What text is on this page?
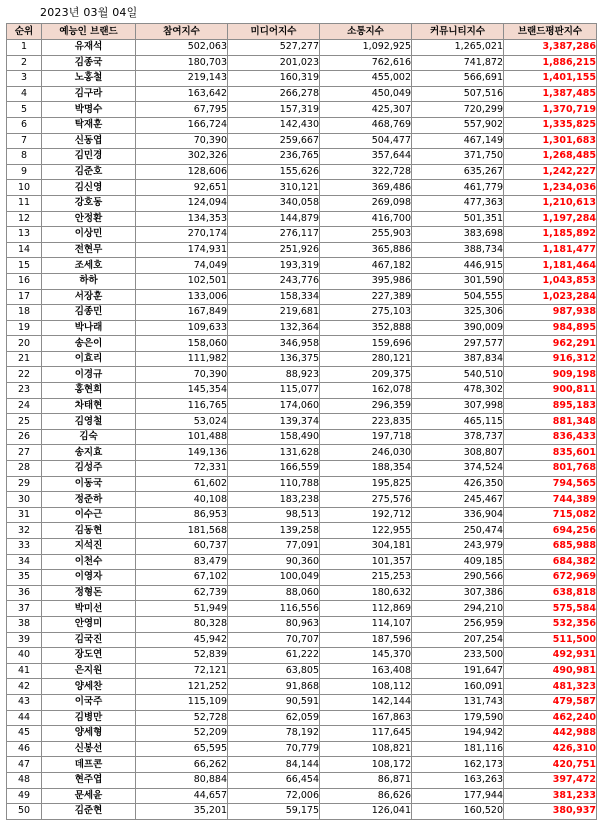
2023년 03월 04일
순위	예능인 브랜드	참여지수	미디어지수	소통지수	커뮤니티지수	브랜드평판지수
1	유재석	502,063	527,277	1,092,925	1,265,021	3,387,286
2	김종국	180,703	201,023	762,616	741,872	1,886,215
3	노홍철	219,143	160,319	455,002	566,691	1,401,155
4	김구라	163,642	266,278	450,049	507,516	1,387,485
5	박명수	67,795	157,319	425,307	720,299	1,370,719
6	탁재훈	166,724	142,430	468,769	557,902	1,335,825
7	신동엽	70,390	259,667	504,477	467,149	1,301,683
8	김민경	302,326	236,765	357,644	371,750	1,268,485
9	김준호	128,606	155,626	322,728	635,267	1,242,227
10	김신영	92,651	310,121	369,486	461,779	1,234,036
11	강호동	124,094	340,058	269,098	477,363	1,210,613
12	안정환	134,353	144,879	416,700	501,351	1,197,284
13	이상민	270,174	276,117	255,903	383,698	1,185,892
14	전현무	174,931	251,926	365,886	388,734	1,181,477
15	조세호	74,049	193,319	467,182	446,915	1,181,464
16	하하	102,501	243,776	395,986	301,590	1,043,853
17	서장훈	133,006	158,334	227,389	504,555	1,023,284
18	김종민	167,849	219,681	275,103	325,306	987,938
19	박나래	109,633	132,364	352,888	390,009	984,895
20	송은이	158,060	346,958	159,696	297,577	962,291
21	이효리	111,982	136,375	280,121	387,834	916,312
22	이경규	70,390	88,923	209,375	540,510	909,198
23	홍현희	145,354	115,077	162,078	478,302	900,811
24	차태현	116,765	174,060	296,359	307,998	895,183
25	김영철	53,024	139,374	223,835	465,115	881,348
26	김숙	101,488	158,490	197,718	378,737	836,433
27	송지효	149,136	131,628	246,030	308,807	835,601
28	김성주	72,331	166,559	188,354	374,524	801,768
29	이동국	61,602	110,788	195,825	426,350	794,565
30	정준하	40,108	183,238	275,576	245,467	744,389
31	이수근	86,953	98,513	192,712	336,904	715,082
32	김동현	181,568	139,258	122,955	250,474	694,256
33	지석진	60,737	77,091	304,181	243,979	685,988
34	이천수	83,479	90,360	101,357	409,185	684,382
35	이영자	67,102	100,049	215,253	290,566	672,969
36	정형돈	62,739	88,060	180,632	307,386	638,818
37	박미선	51,949	116,556	112,869	294,210	575,584
38	안영미	80,328	80,963	114,107	256,959	532,356
39	김국진	45,942	70,707	187,596	207,254	511,500
40	장도연	52,839	61,222	145,370	233,500	492,931
41	은지원	72,121	63,805	163,408	191,647	490,981
42	양세찬	121,252	91,868	108,112	160,091	481,323
43	이국주	115,109	90,591	142,144	131,743	479,587
44	김병만	52,728	62,059	167,863	179,590	462,240
45	양세형	52,209	78,192	117,645	194,942	442,988
46	신봉선	65,595	70,779	108,821	181,116	426,310
47	데프콘	66,262	84,144	108,172	162,173	420,751
48	현주엽	80,884	66,454	86,871	163,263	397,472
49	문세윤	44,657	72,006	86,626	177,944	381,233
50	김준현	35,201	59,175	126,041	160,520	380,937
